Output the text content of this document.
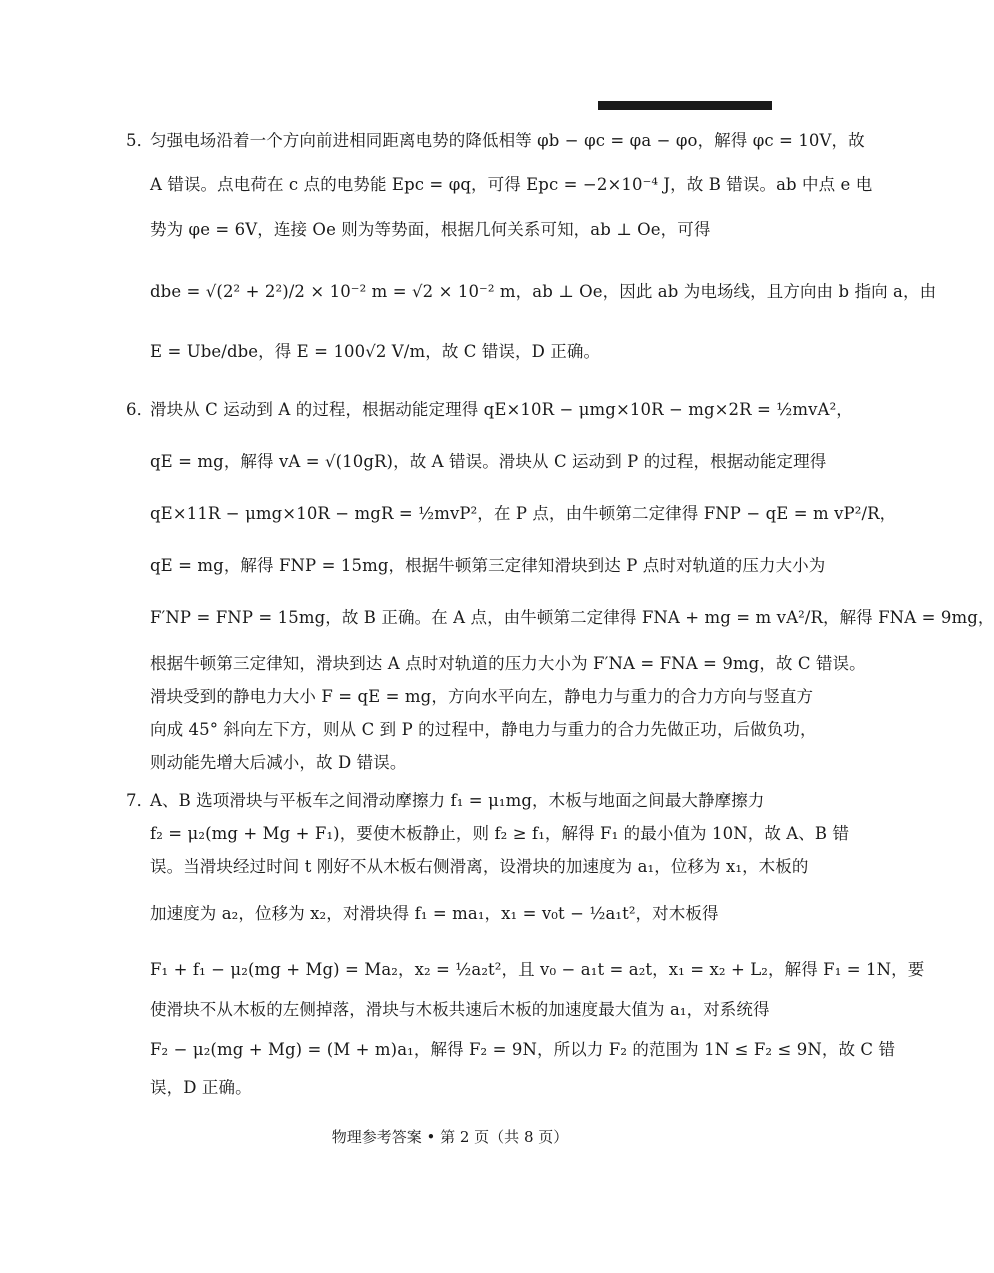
5．
匀强电场沿着一个方向前进相同距离电势的降低相等 φb − φc = φa − φo，解得 φc = 10V，故
A 错误。点电荷在 c 点的电势能 Epc = φq，可得 Epc = −2×10⁻⁴ J，故 B 错误。ab 中点 e 电
势为 φe = 6V，连接 Oe 则为等势面，根据几何关系可知，ab ⊥ Oe，可得
dbe = √(2² + 2²)/2 × 10⁻² m = √2 × 10⁻² m，ab ⊥ Oe，因此 ab 为电场线，且方向由 b 指向 a，由
E = Ube/dbe，得 E = 100√2 V/m，故 C 错误，D 正确。
6．
滑块从 C 运动到 A 的过程，根据动能定理得 qE×10R − μmg×10R − mg×2R = ½mvA²，
qE = mg，解得 vA = √(10gR)，故 A 错误。滑块从 C 运动到 P 的过程，根据动能定理得
qE×11R − μmg×10R − mgR = ½mvP²，在 P 点，由牛顿第二定律得 FNP − qE = m vP²/R，
qE = mg，解得 FNP = 15mg，根据牛顿第三定律知滑块到达 P 点时对轨道的压力大小为
F′NP = FNP = 15mg，故 B 正确。在 A 点，由牛顿第二定律得 FNA + mg = m vA²/R，解得 FNA = 9mg，
根据牛顿第三定律知，滑块到达 A 点时对轨道的压力大小为 F′NA = FNA = 9mg，故 C 错误。
滑块受到的静电力大小 F = qE = mg，方向水平向左，静电力与重力的合力方向与竖直方
向成 45° 斜向左下方，则从 C 到 P 的过程中，静电力与重力的合力先做正功，后做负功，
则动能先增大后减小，故 D 错误。
7．
A、B 选项滑块与平板车之间滑动摩擦力 f₁ = μ₁mg，木板与地面之间最大静摩擦力
f₂ = μ₂(mg + Mg + F₁)，要使木板静止，则 f₂ ≥ f₁，解得 F₁ 的最小值为 10N，故 A、B 错
误。当滑块经过时间 t 刚好不从木板右侧滑离，设滑块的加速度为 a₁，位移为 x₁，木板的
加速度为 a₂，位移为 x₂，对滑块得 f₁ = ma₁，x₁ = v₀t − ½a₁t²，对木板得
F₁ + f₁ − μ₂(mg + Mg) = Ma₂，x₂ = ½a₂t²，且 v₀ − a₁t = a₂t，x₁ = x₂ + L₂，解得 F₁ = 1N，要
使滑块不从木板的左侧掉落，滑块与木板共速后木板的加速度最大值为 a₁，对系统得
F₂ − μ₂(mg + Mg) = (M + m)a₁，解得 F₂ = 9N，所以力 F₂ 的范围为 1N ≤ F₂ ≤ 9N，故 C 错
误，D 正确。
物理参考答案 • 第 2 页（共 8 页）
